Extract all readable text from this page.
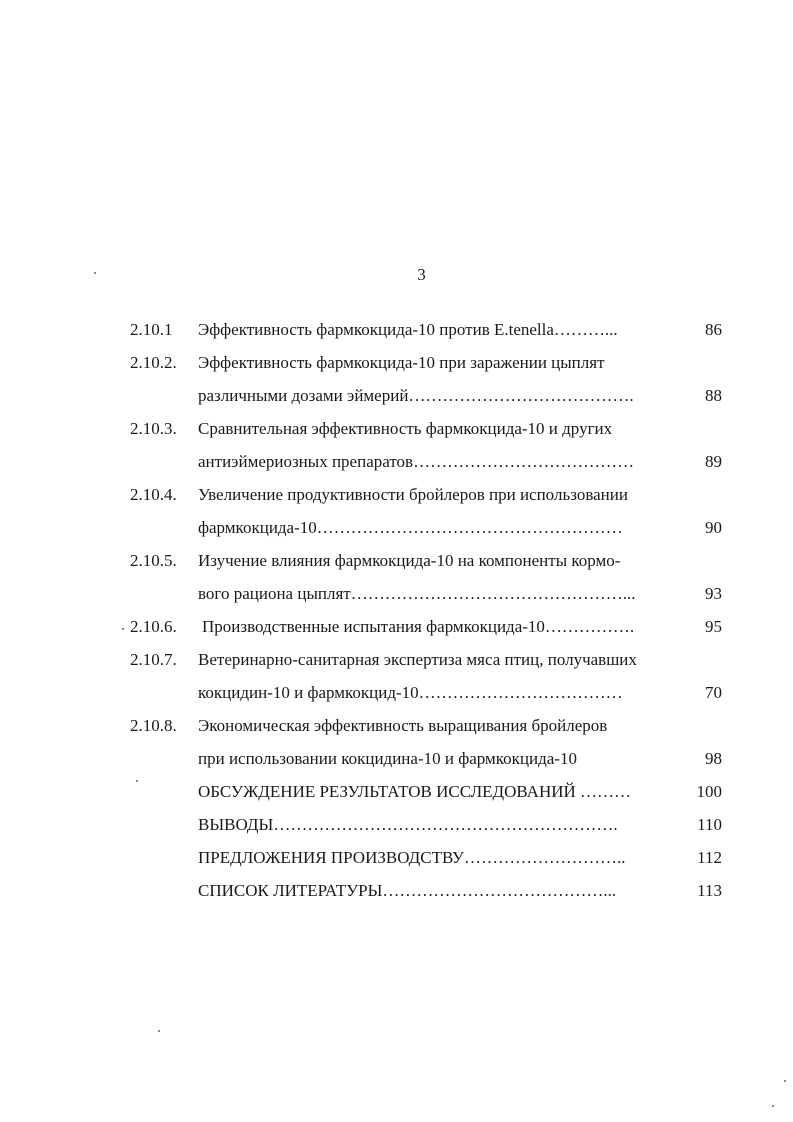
3
2.10.1 Эффективность фармкокцида-10 против E.tenella………...	86
2.10.2. Эффективность фармкокцида-10 при заражении цыплят
различными дозами эймерий………………………………….	88
2.10.3. Сравнительная эффективность фармкокцида-10 и других
антиэймериозных препаратов…………………………………	89
2.10.4. Увеличение продуктивности бройлеров при использовании
фармкокцида-10………………………………………………	90
2.10.5. Изучение влияния фармкокцида-10 на компоненты кормо-
вого рациона цыплят…………………………………………...	93
2.10.6. Производственные испытания фармкокцида-10…………….	95
2.10.7. Ветеринарно-санитарная экспертиза мяса птиц, получавших
кокцидин-10 и фармкокцид-10………………………………	70
2.10.8. Экономическая эффективность выращивания бройлеров
при использовании кокцидина-10 и фармкокцида-10	98
ОБСУЖДЕНИЕ РЕЗУЛЬТАТОВ ИССЛЕДОВАНИЙ ………	100
ВЫВОДЫ…………………………………………………….	110
ПРЕДЛОЖЕНИЯ ПРОИЗВОДСТВУ………………………..	112
СПИСОК ЛИТЕРАТУРЫ…………………………………...	113
